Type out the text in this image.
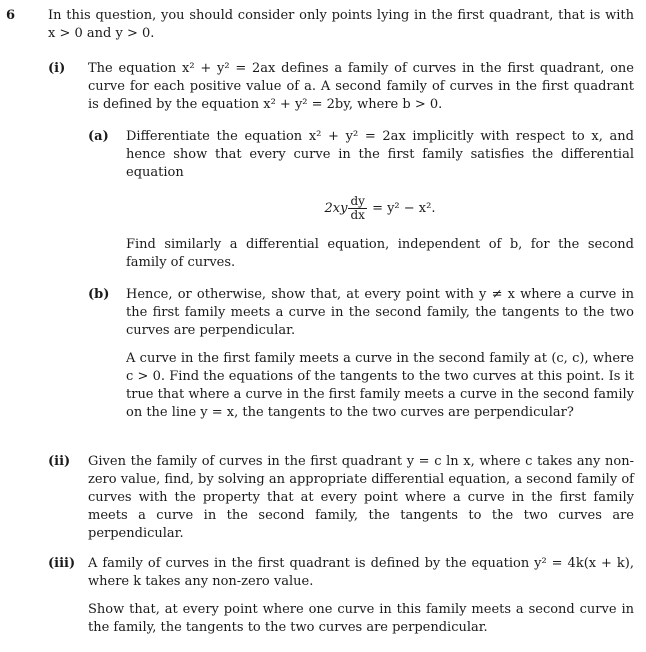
6	In this question, you should consider only points lying in the first quadrant, that is with x > 0 and y > 0.

(i) The equation x² + y² = 2ax defines a family of curves in the first quadrant, one curve for each positive value of a. A second family of curves in the first quadrant is defined by the equation x² + y² = 2by, where b > 0.

(a) Differentiate the equation x² + y² = 2ax implicitly with respect to x, and hence show that every curve in the first family satisfies the differential equation

$2xy \frac{dy}{dx} = y^2 - x^2$.

Find similarly a differential equation, independent of b, for the second family of curves.

(b) Hence, or otherwise, show that, at every point with y ≠ x where a curve in the first family meets a curve in the second family, the tangents to the two curves are perpendicular.

A curve in the first family meets a curve in the second family at (c, c), where c > 0. Find the equations of the tangents to the two curves at this point. Is it true that where a curve in the first family meets a curve in the second family on the line y = x, the tangents to the two curves are perpendicular?

(ii) Given the family of curves in the first quadrant y = c ln x, where c takes any non-zero value, find, by solving an appropriate differential equation, a second family of curves with the property that at every point where a curve in the first family meets a curve in the second family, the tangents to the two curves are perpendicular.

(iii) A family of curves in the first quadrant is defined by the equation y² = 4k(x + k), where k takes any non-zero value.

Show that, at every point where one curve in this family meets a second curve in the family, the tangents to the two curves are perpendicular.
